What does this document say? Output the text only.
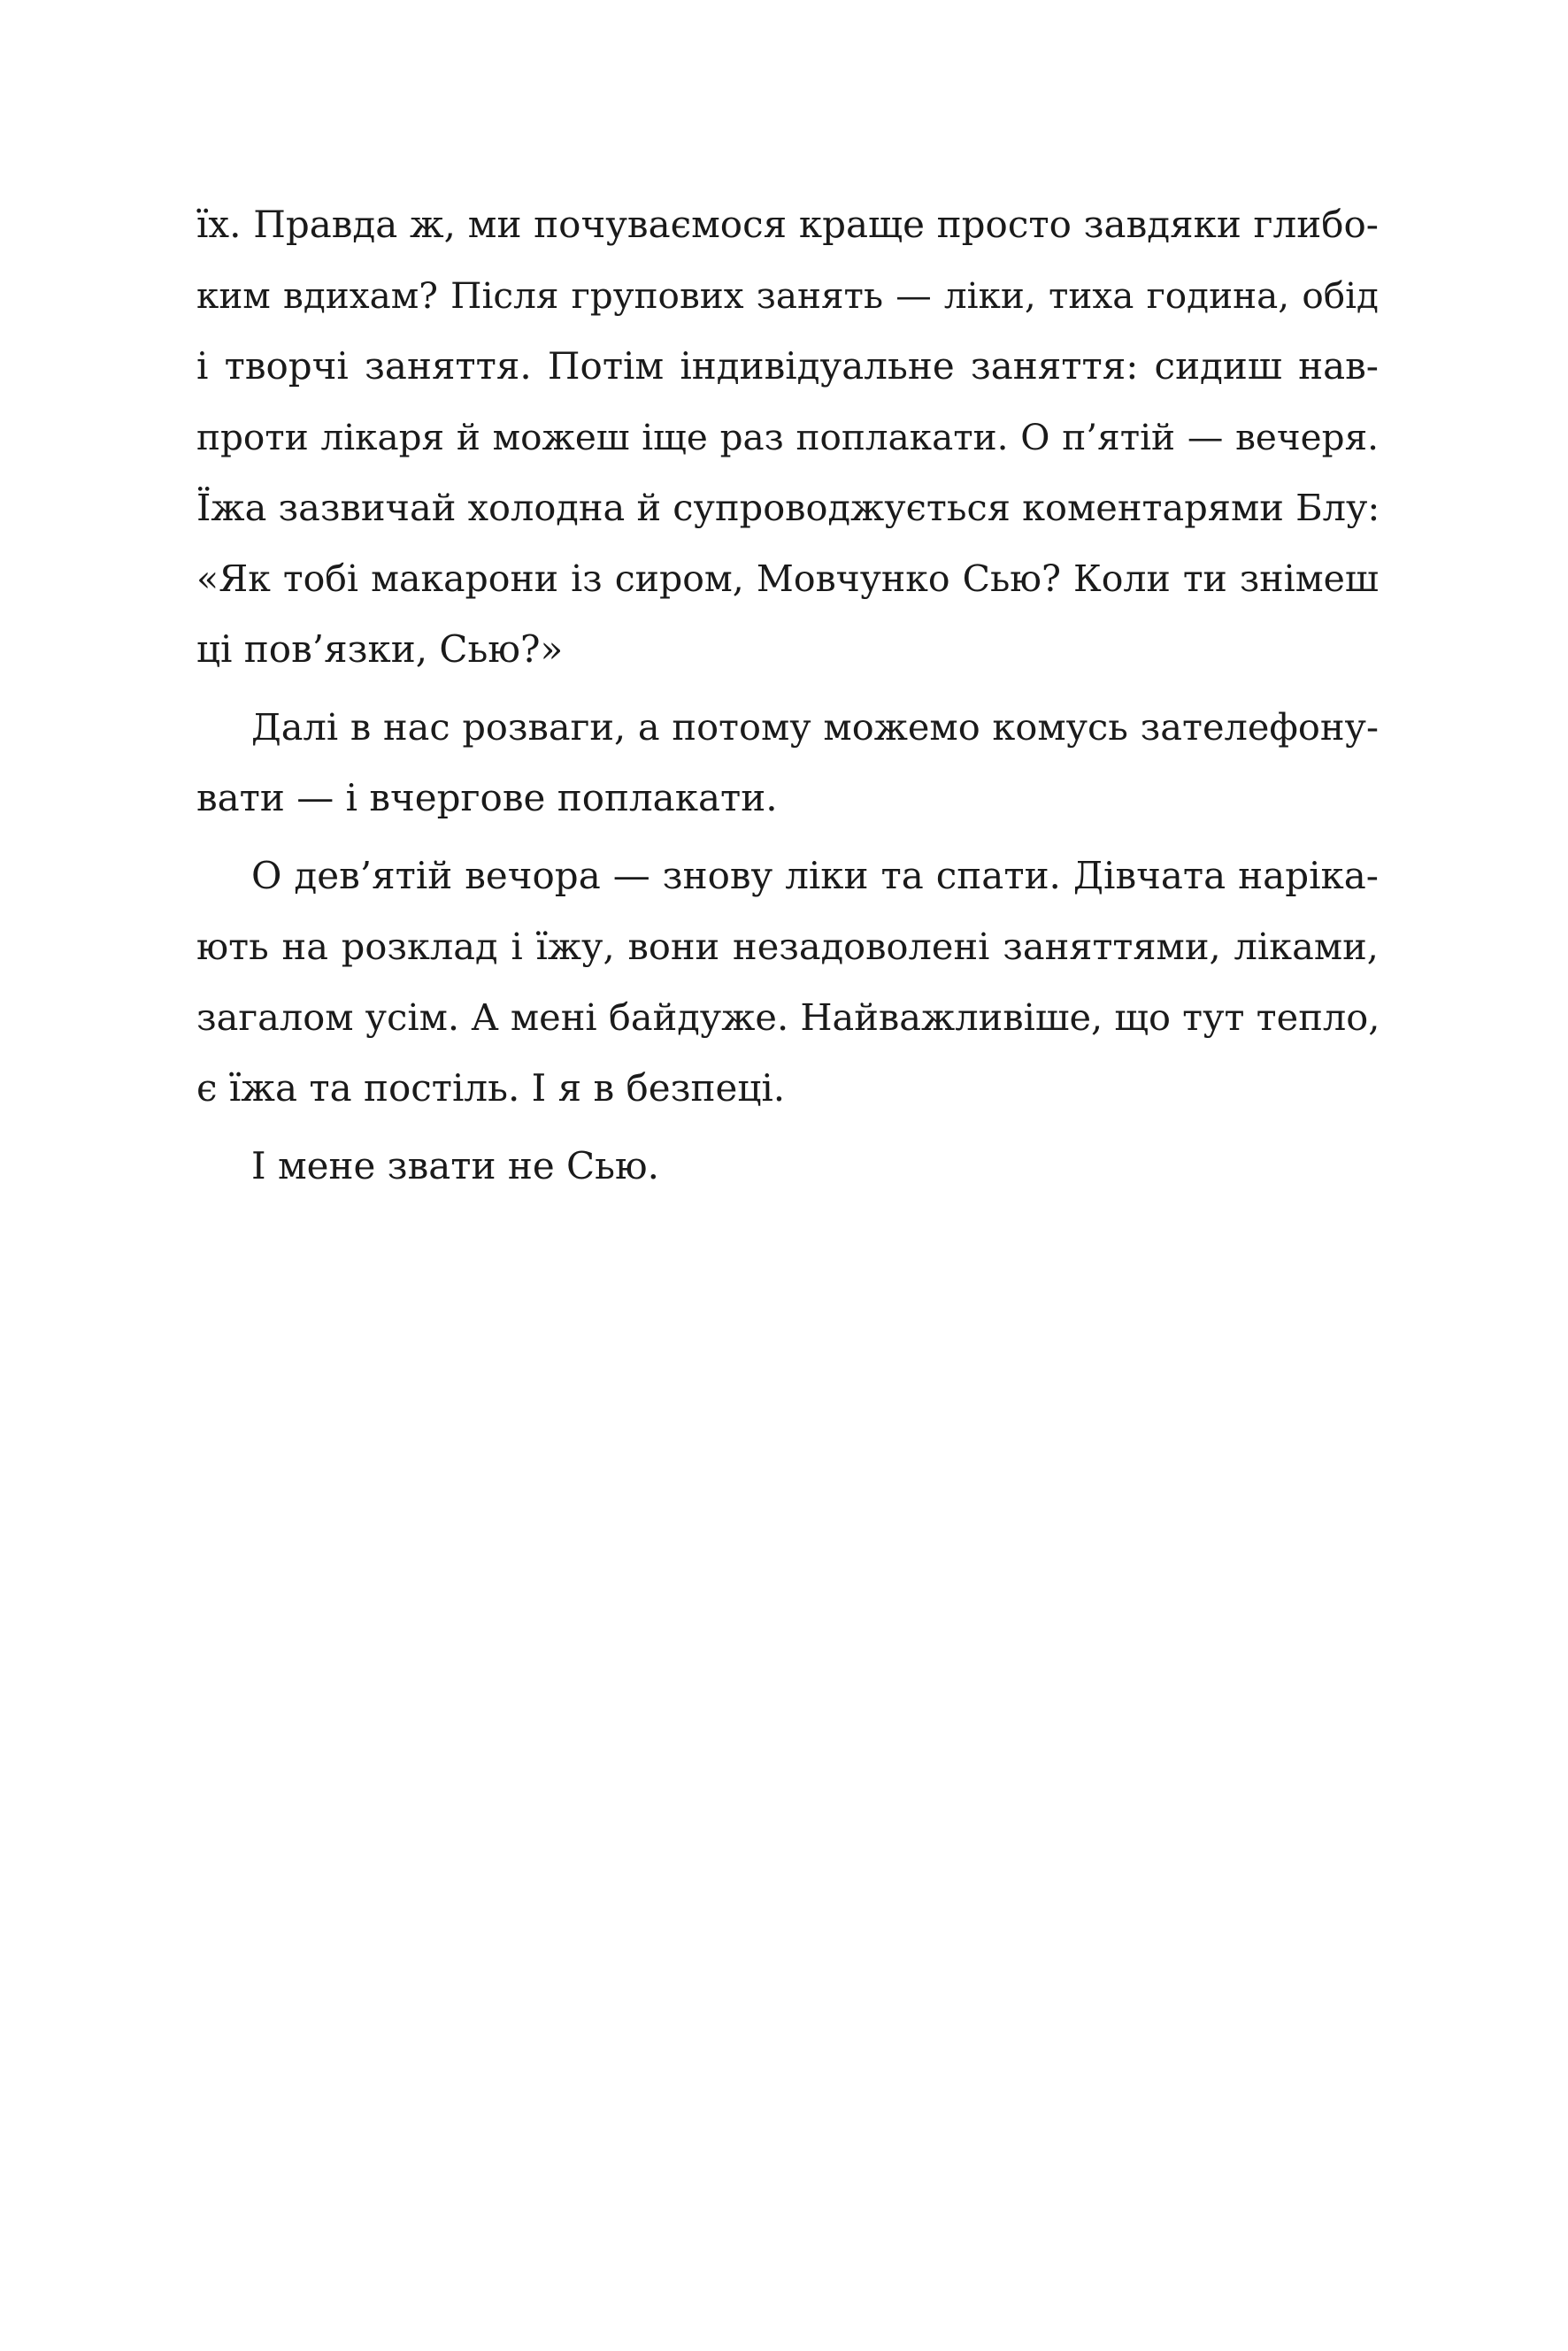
їх. Правда ж, ми почуваємося краще просто завдяки глибо-
ким вдихам? Після групових занять — ліки, тиха година, обід
і творчі заняття. Потім індивідуальне заняття: сидиш нав-
проти лікаря й можеш іще раз поплакати. О п’ятій — вечеря.
Їжа зазвичай холодна й супроводжується коментарями Блу:
«Як тобі макарони із сиром, Мовчунко Сью? Коли ти знімеш
ці пов’язки, Сью?»
Далі в нас розваги, а потому можемо комусь зателефону-
вати — і вчергове поплакати.
О дев’ятій вечора — знову ліки та спати. Дівчата наріка-
ють на розклад і їжу, вони незадоволені заняттями, ліками,
загалом усім. А мені байдуже. Найважливіше, що тут тепло,
є їжа та постіль. І я в безпеці.
І мене звати не Сью.
